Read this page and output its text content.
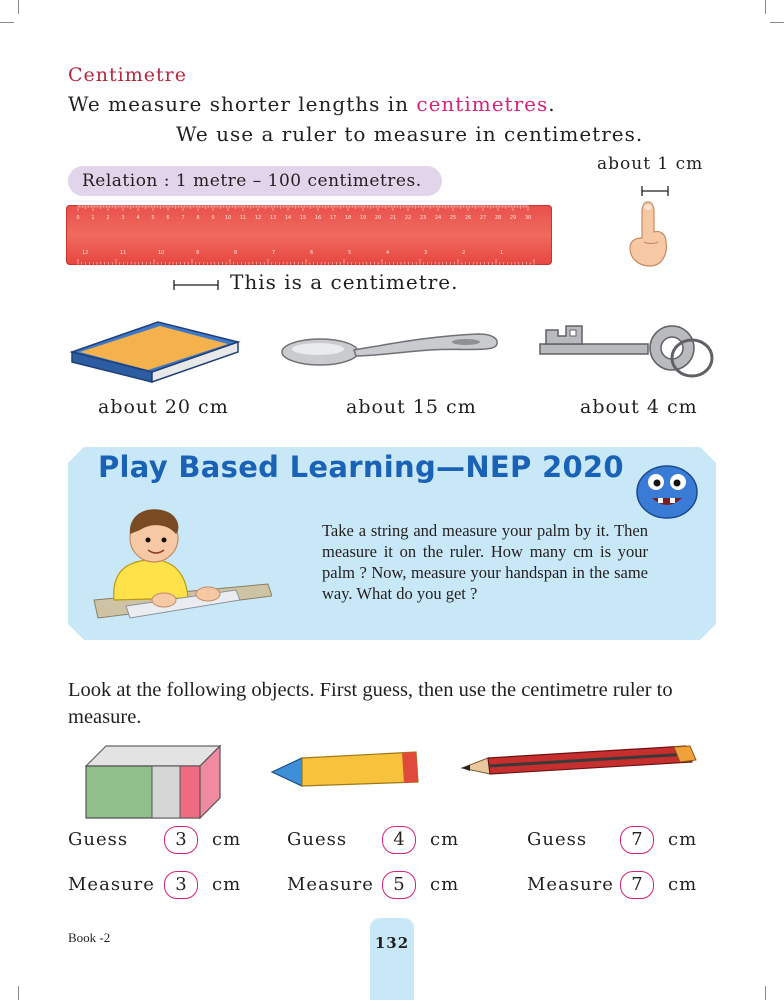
Centimetre
We measure shorter lengths in centimetres.
We use a ruler to measure in centimetres.
Relation : 1 metre – 100 centimetres.
about 1 cm
0 1 2 3 4 5 6 7 8 9 10 11 12 13 14 15 16 17 18 19 20 21 22 23 24 25 26 27 28 29 30
12	11	10	9	8	7	6	5	4	3	2	1
This is a centimetre.
about 20 cm	about 15 cm	about 4 cm
Play Based Learning—NEP 2020
Take a string and measure your palm by it. Then measure it on the ruler. How many cm is your palm ? Now, measure your handspan in the same way. What do you get ?
Look at the following objects. First guess, then use the centimetre ruler to measure.
Guess	3	cm	Guess	4	cm	Guess	7	cm
Measure	3	cm	Measure	5	cm	Measure 7	cm
Book -2	132
